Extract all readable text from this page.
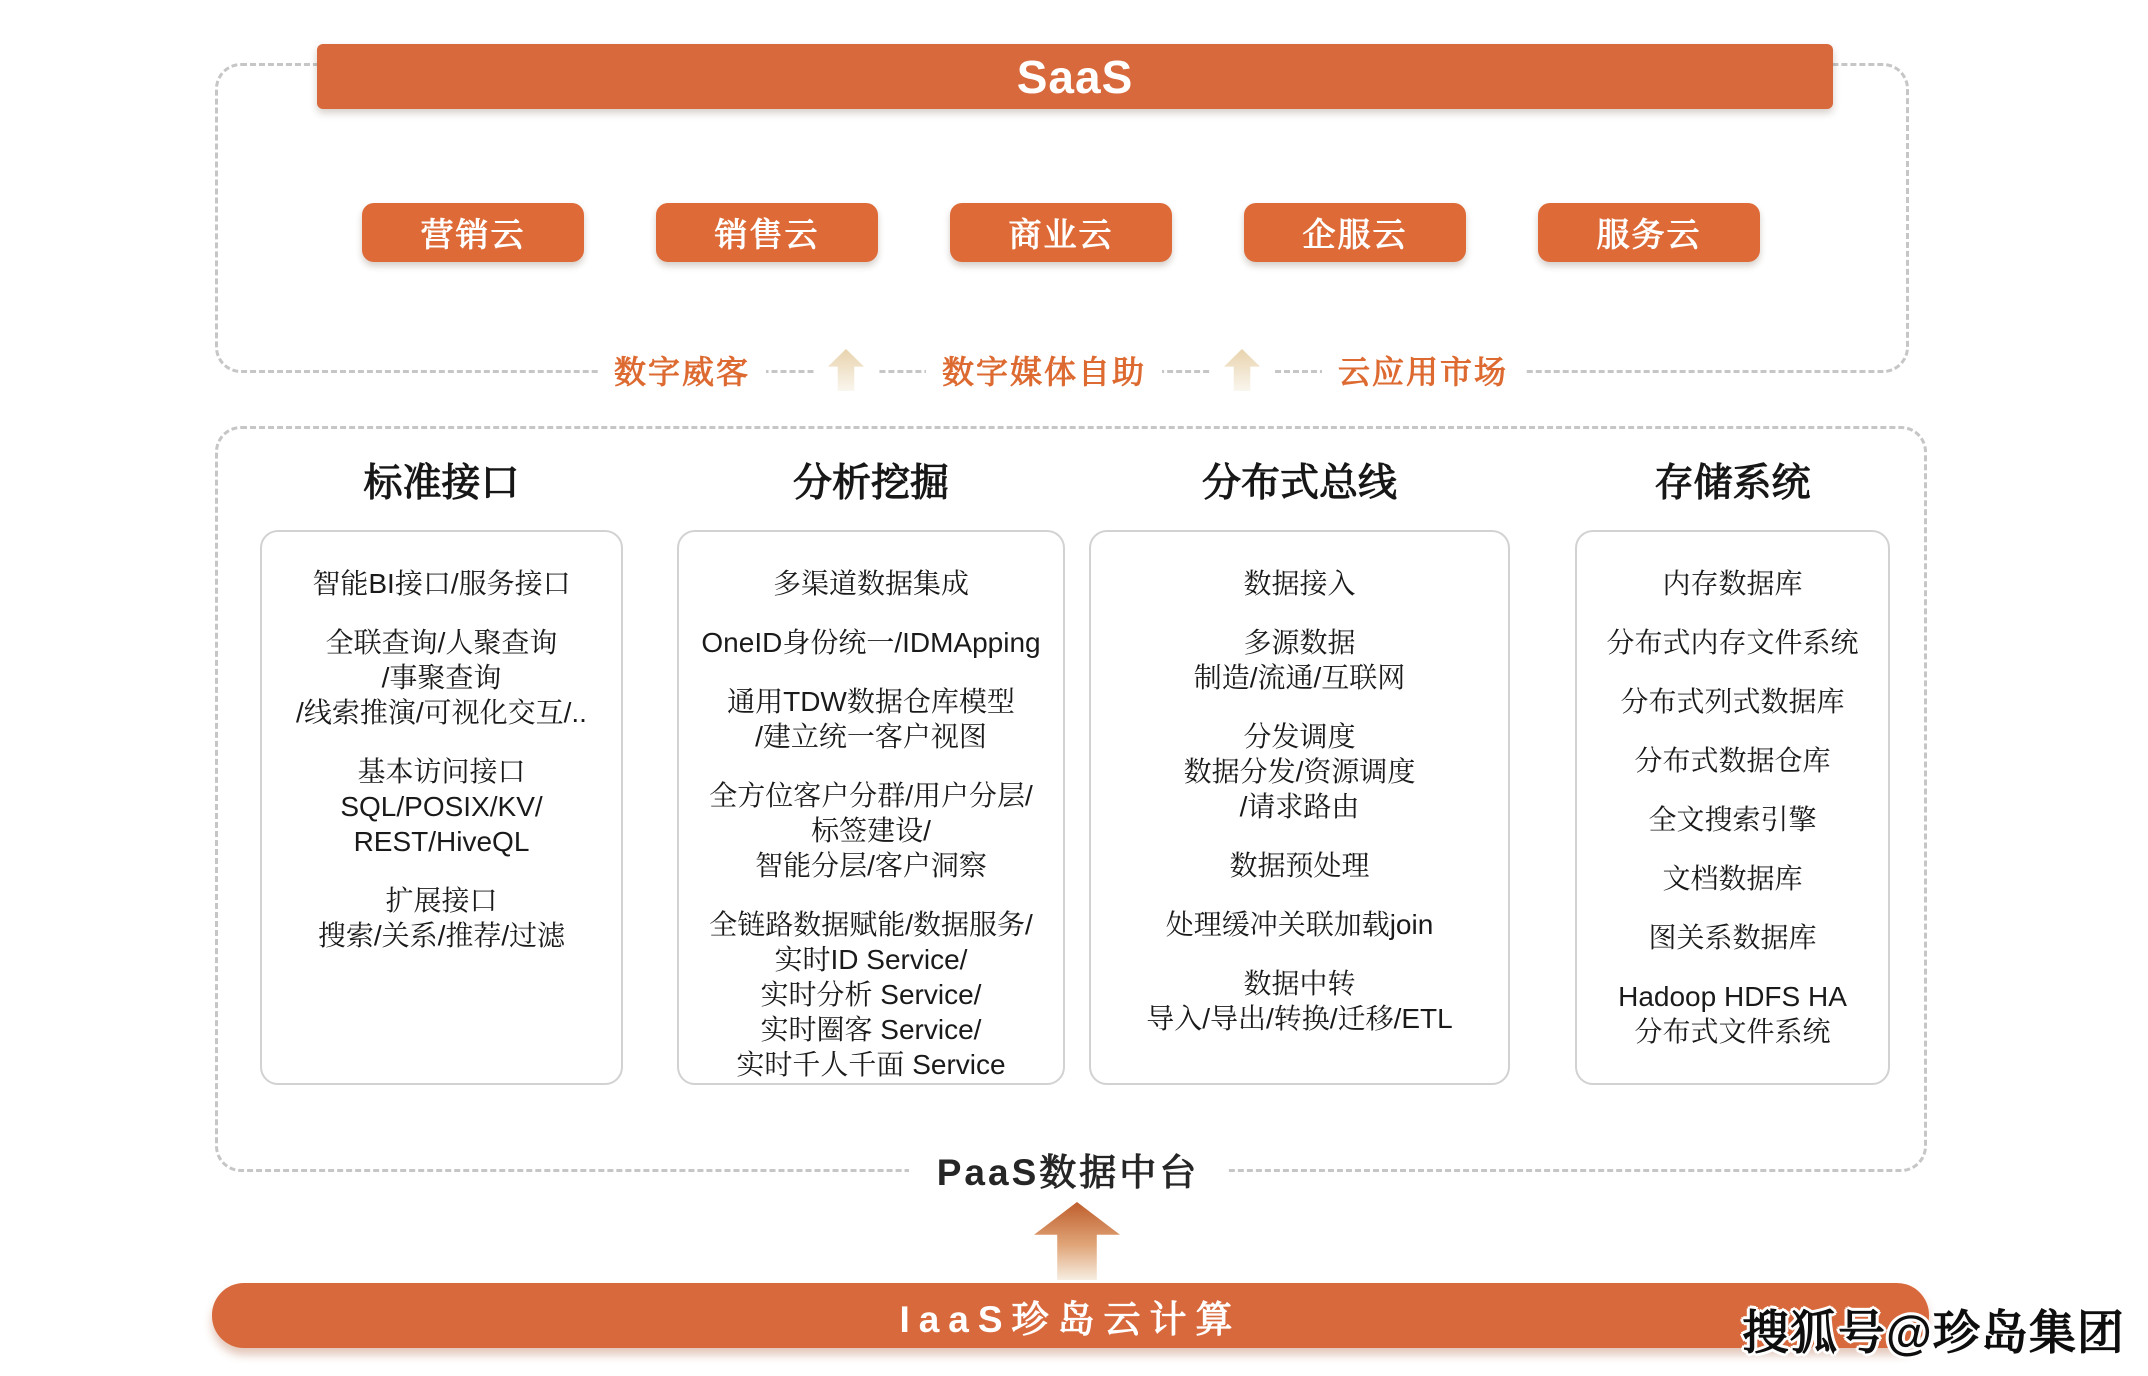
SaaS
营销云	销售云	商业云	企服云	服务云
数字威客	数字媒体自助	云应用市场
标准接口
智能BI接口/服务接口
全联查询/人聚查询
/事聚查询
/线索推演/可视化交互/..
基本访问接口
SQL/POSIX/KV/
REST/HiveQL
扩展接口
搜索/关系/推荐/过滤
分析挖掘
多渠道数据集成
OneID身份统一/IDMApping
通用TDW数据仓库模型
/建立统一客户视图
全方位客户分群/用户分层/
标签建设/
智能分层/客户洞察
全链路数据赋能/数据服务/
实时ID Service/
实时分析 Service/
实时圈客 Service/
实时千人千面 Service
分布式总线
数据接入
多源数据
制造/流通/互联网
分发调度
数据分发/资源调度
/请求路由
数据预处理
处理缓冲关联加载join
数据中转
导入/导出/转换/迁移/ETL
存储系统
内存数据库
分布式内存文件系统
分布式列式数据库
分布式数据仓库
全文搜索引擎
文档数据库
图关系数据库
Hadoop HDFS HA
分布式文件系统
PaaS数据中台
IaaS珍岛云计算	搜狐号@珍岛集团
